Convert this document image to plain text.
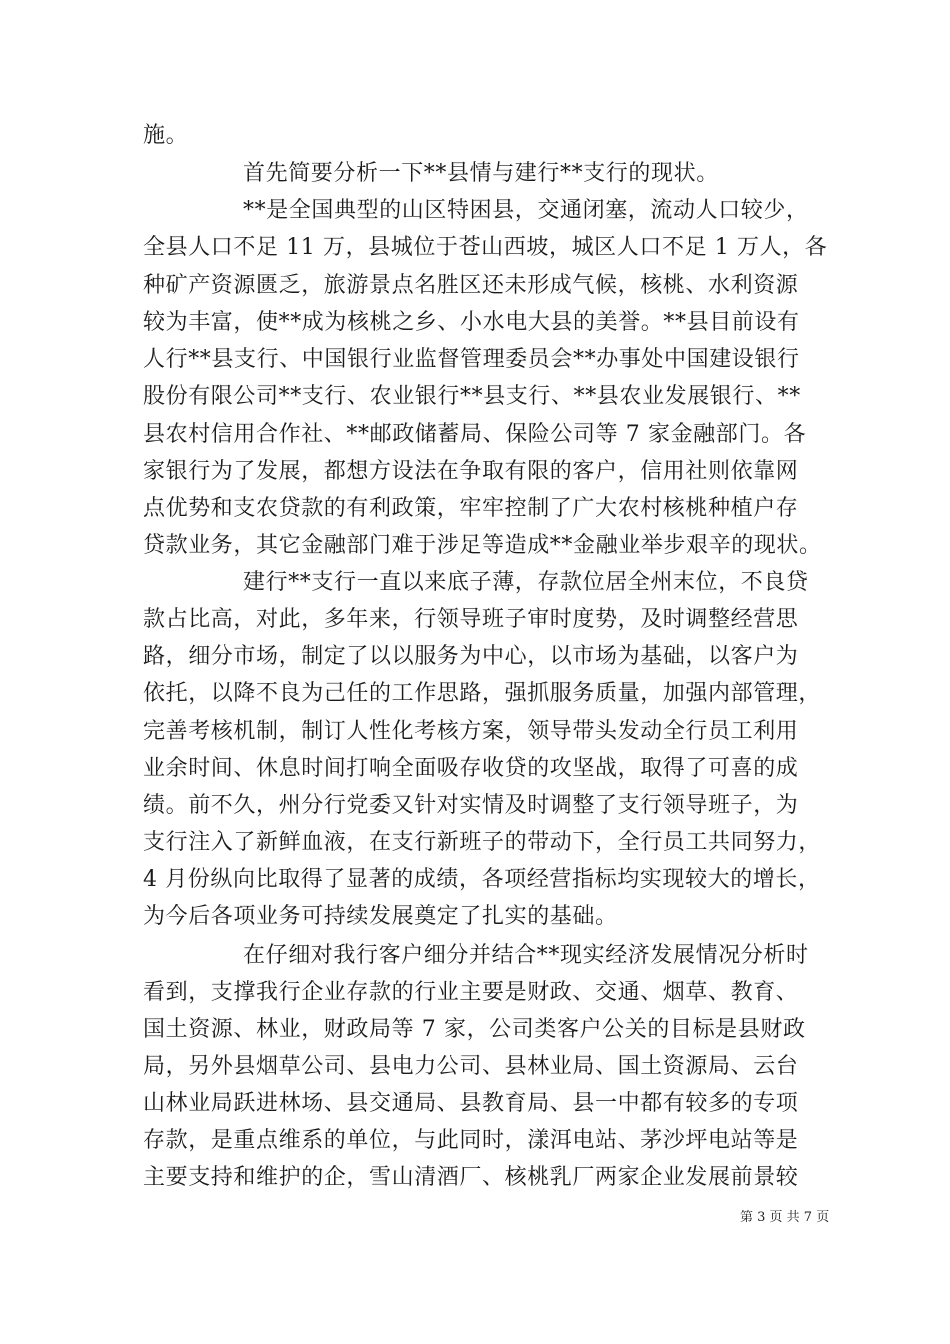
施。
首先简要分析一下**县情与建行**支行的现状。
**是全国典型的山区特困县，交通闭塞，流动人口较少，
全县人口不足 11 万，县城位于苍山西坡，城区人口不足 1 万人，各
种矿产资源匮乏，旅游景点名胜区还未形成气候，核桃、水利资源
较为丰富，使**成为核桃之乡、小水电大县的美誉。**县目前设有
人行**县支行、中国银行业监督管理委员会**办事处中国建设银行
股份有限公司**支行、农业银行**县支行、**县农业发展银行、**
县农村信用合作社、**邮政储蓄局、保险公司等 7 家金融部门。各
家银行为了发展，都想方设法在争取有限的客户，信用社则依靠网
点优势和支农贷款的有利政策，牢牢控制了广大农村核桃种植户存
贷款业务，其它金融部门难于涉足等造成**金融业举步艰辛的现状。
建行**支行一直以来底子薄，存款位居全州末位，不良贷
款占比高，对此，多年来，行领导班子审时度势，及时调整经营思
路，细分市场，制定了以以服务为中心，以市场为基础，以客户为
依托，以降不良为己任的工作思路，强抓服务质量，加强内部管理，
完善考核机制，制订人性化考核方案，领导带头发动全行员工利用
业余时间、休息时间打响全面吸存收贷的攻坚战，取得了可喜的成
绩。前不久，州分行党委又针对实情及时调整了支行领导班子，为
支行注入了新鲜血液，在支行新班子的带动下，全行员工共同努力，
4 月份纵向比取得了显著的成绩，各项经营指标均实现较大的增长，
为今后各项业务可持续发展奠定了扎实的基础。
在仔细对我行客户细分并结合**现实经济发展情况分析时
看到，支撑我行企业存款的行业主要是财政、交通、烟草、教育、
国土资源、林业，财政局等 7 家，公司类客户公关的目标是县财政
局，另外县烟草公司、县电力公司、县林业局、国土资源局、云台
山林业局跃进林场、县交通局、县教育局、县一中都有较多的专项
存款，是重点维系的单位，与此同时，漾洱电站、茅沙坪电站等是
主要支持和维护的企，雪山清酒厂、核桃乳厂两家企业发展前景较
第 3 页 共 7 页
